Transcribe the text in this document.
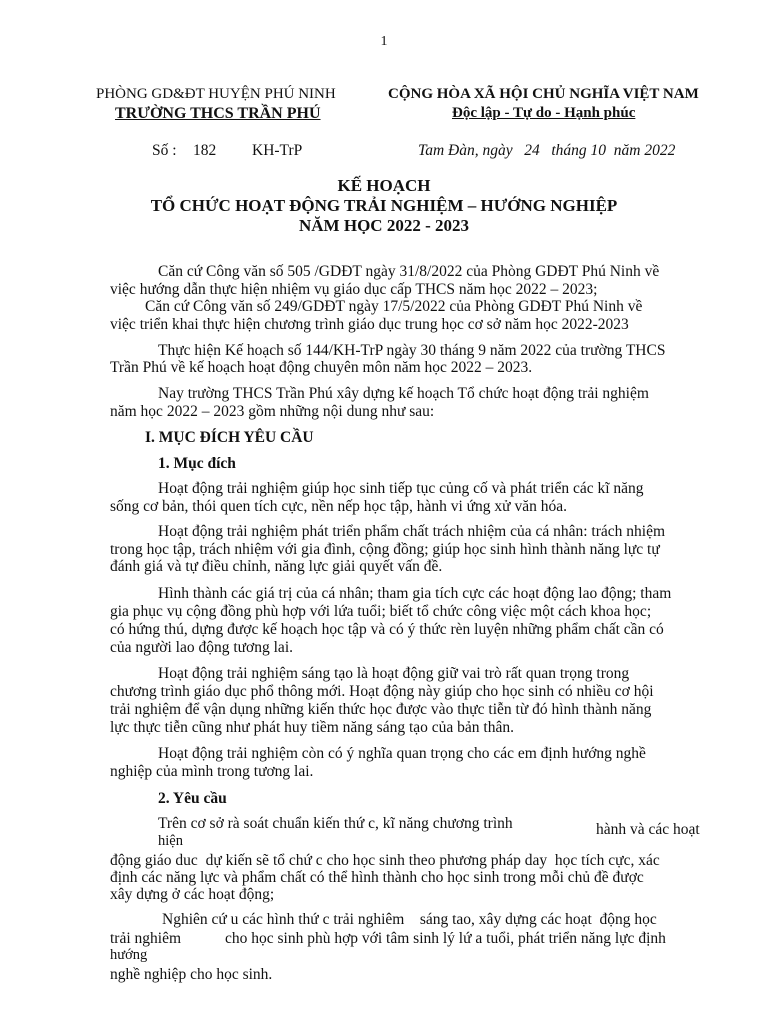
1
PHÒNG GD&ĐT HUYỆN PHÚ NINH
TRƯỜNG THCS TRẦN PHÚ
CỘNG HÒA XÃ HỘI CHỦ NGHĨA VIỆT NAM
Độc lập - Tự do - Hạnh phúc
Số : 182 KH-TrP	Tam Đàn, ngày   24   tháng 10  năm 2022
KẾ HOẠCH
TỔ CHỨC HOẠT ĐỘNG TRẢI NGHIỆM – HƯỚNG NGHIỆP
NĂM HỌC 2022 - 2023
Căn cứ Công văn số 505 /GDĐT ngày 31/8/2022 của Phòng GDĐT Phú Ninh về
việc hướng dẫn thực hiện nhiệm vụ giáo dục cấp THCS năm học 2022 – 2023;
Căn cứ Công văn số 249/GDĐT ngày 17/5/2022 của Phòng GDĐT Phú Ninh về
việc triển khai thực hiện chương trình giáo dục trung học cơ sở năm học 2022-2023
Thực hiện Kế hoạch số 144/KH-TrP ngày 30 tháng 9 năm 2022 của trường THCS
Trần Phú về kế hoạch hoạt động chuyên môn năm học 2022 – 2023.
Nay trường THCS Trần Phú xây dựng kế hoạch Tổ chức hoạt động trải nghiệm
năm học 2022 – 2023 gồm những nội dung như sau:
I. MỤC ĐÍCH YÊU CẦU
1. Mục đích
Hoạt động trải nghiệm giúp học sinh tiếp tục củng cố và phát triển các kĩ năng
sống cơ bản, thói quen tích cực, nền nếp học tập, hành vi ứng xử văn hóa.
Hoạt động trải nghiệm phát triển phẩm chất trách nhiệm của cá nhân: trách nhiệm
trong học tập, trách nhiệm với gia đình, cộng đồng; giúp học sinh hình thành năng lực tự
đánh giá và tự điều chỉnh, năng lực giải quyết vấn đề.
Hình thành các giá trị của cá nhân; tham gia tích cực các hoạt động lao động; tham
gia phục vụ cộng đồng phù hợp với lứa tuổi; biết tổ chức công việc một cách khoa học;
có hứng thú, dựng được kế hoạch học tập và có ý thức rèn luyện những phẩm chất cần có
của người lao động tương lai.
Hoạt động trải nghiệm sáng tạo là hoạt động giữ vai trò rất quan trọng trong
chương trình giáo dục phổ thông mới. Hoạt động này giúp cho học sinh có nhiều cơ hội
trải nghiệm để vận dụng những kiến thức học được vào thực tiễn từ đó hình thành năng
lực thực tiễn cũng như phát huy tiềm năng sáng tạo của bản thân.
Hoạt động trải nghiệm còn có ý nghĩa quan trọng cho các em định hướng nghề
nghiệp của mình trong tương lai.
2. Yêu cầu
Trên cơ sở rà soát chuẩn kiến thứ c, kĩ năng chương trình
hiện
hành và các hoạt
động giáo duc  dự kiến sẽ tổ chứ c cho học sinh theo phương pháp day  học tích cực, xác
định các năng lực và phẩm chất có thể hình thành cho học sinh trong mỗi chủ đề được
xây dựng ở các hoạt động;
Nghiên cứ u các hình thứ c trải nghiêm    sáng tao, xây dựng các hoạt  động học
trải nghiêm	cho học sinh phù hợp với tâm sinh lý lứ a tuổi, phát triển năng lực định
hướng
nghề nghiệp cho học sinh.
